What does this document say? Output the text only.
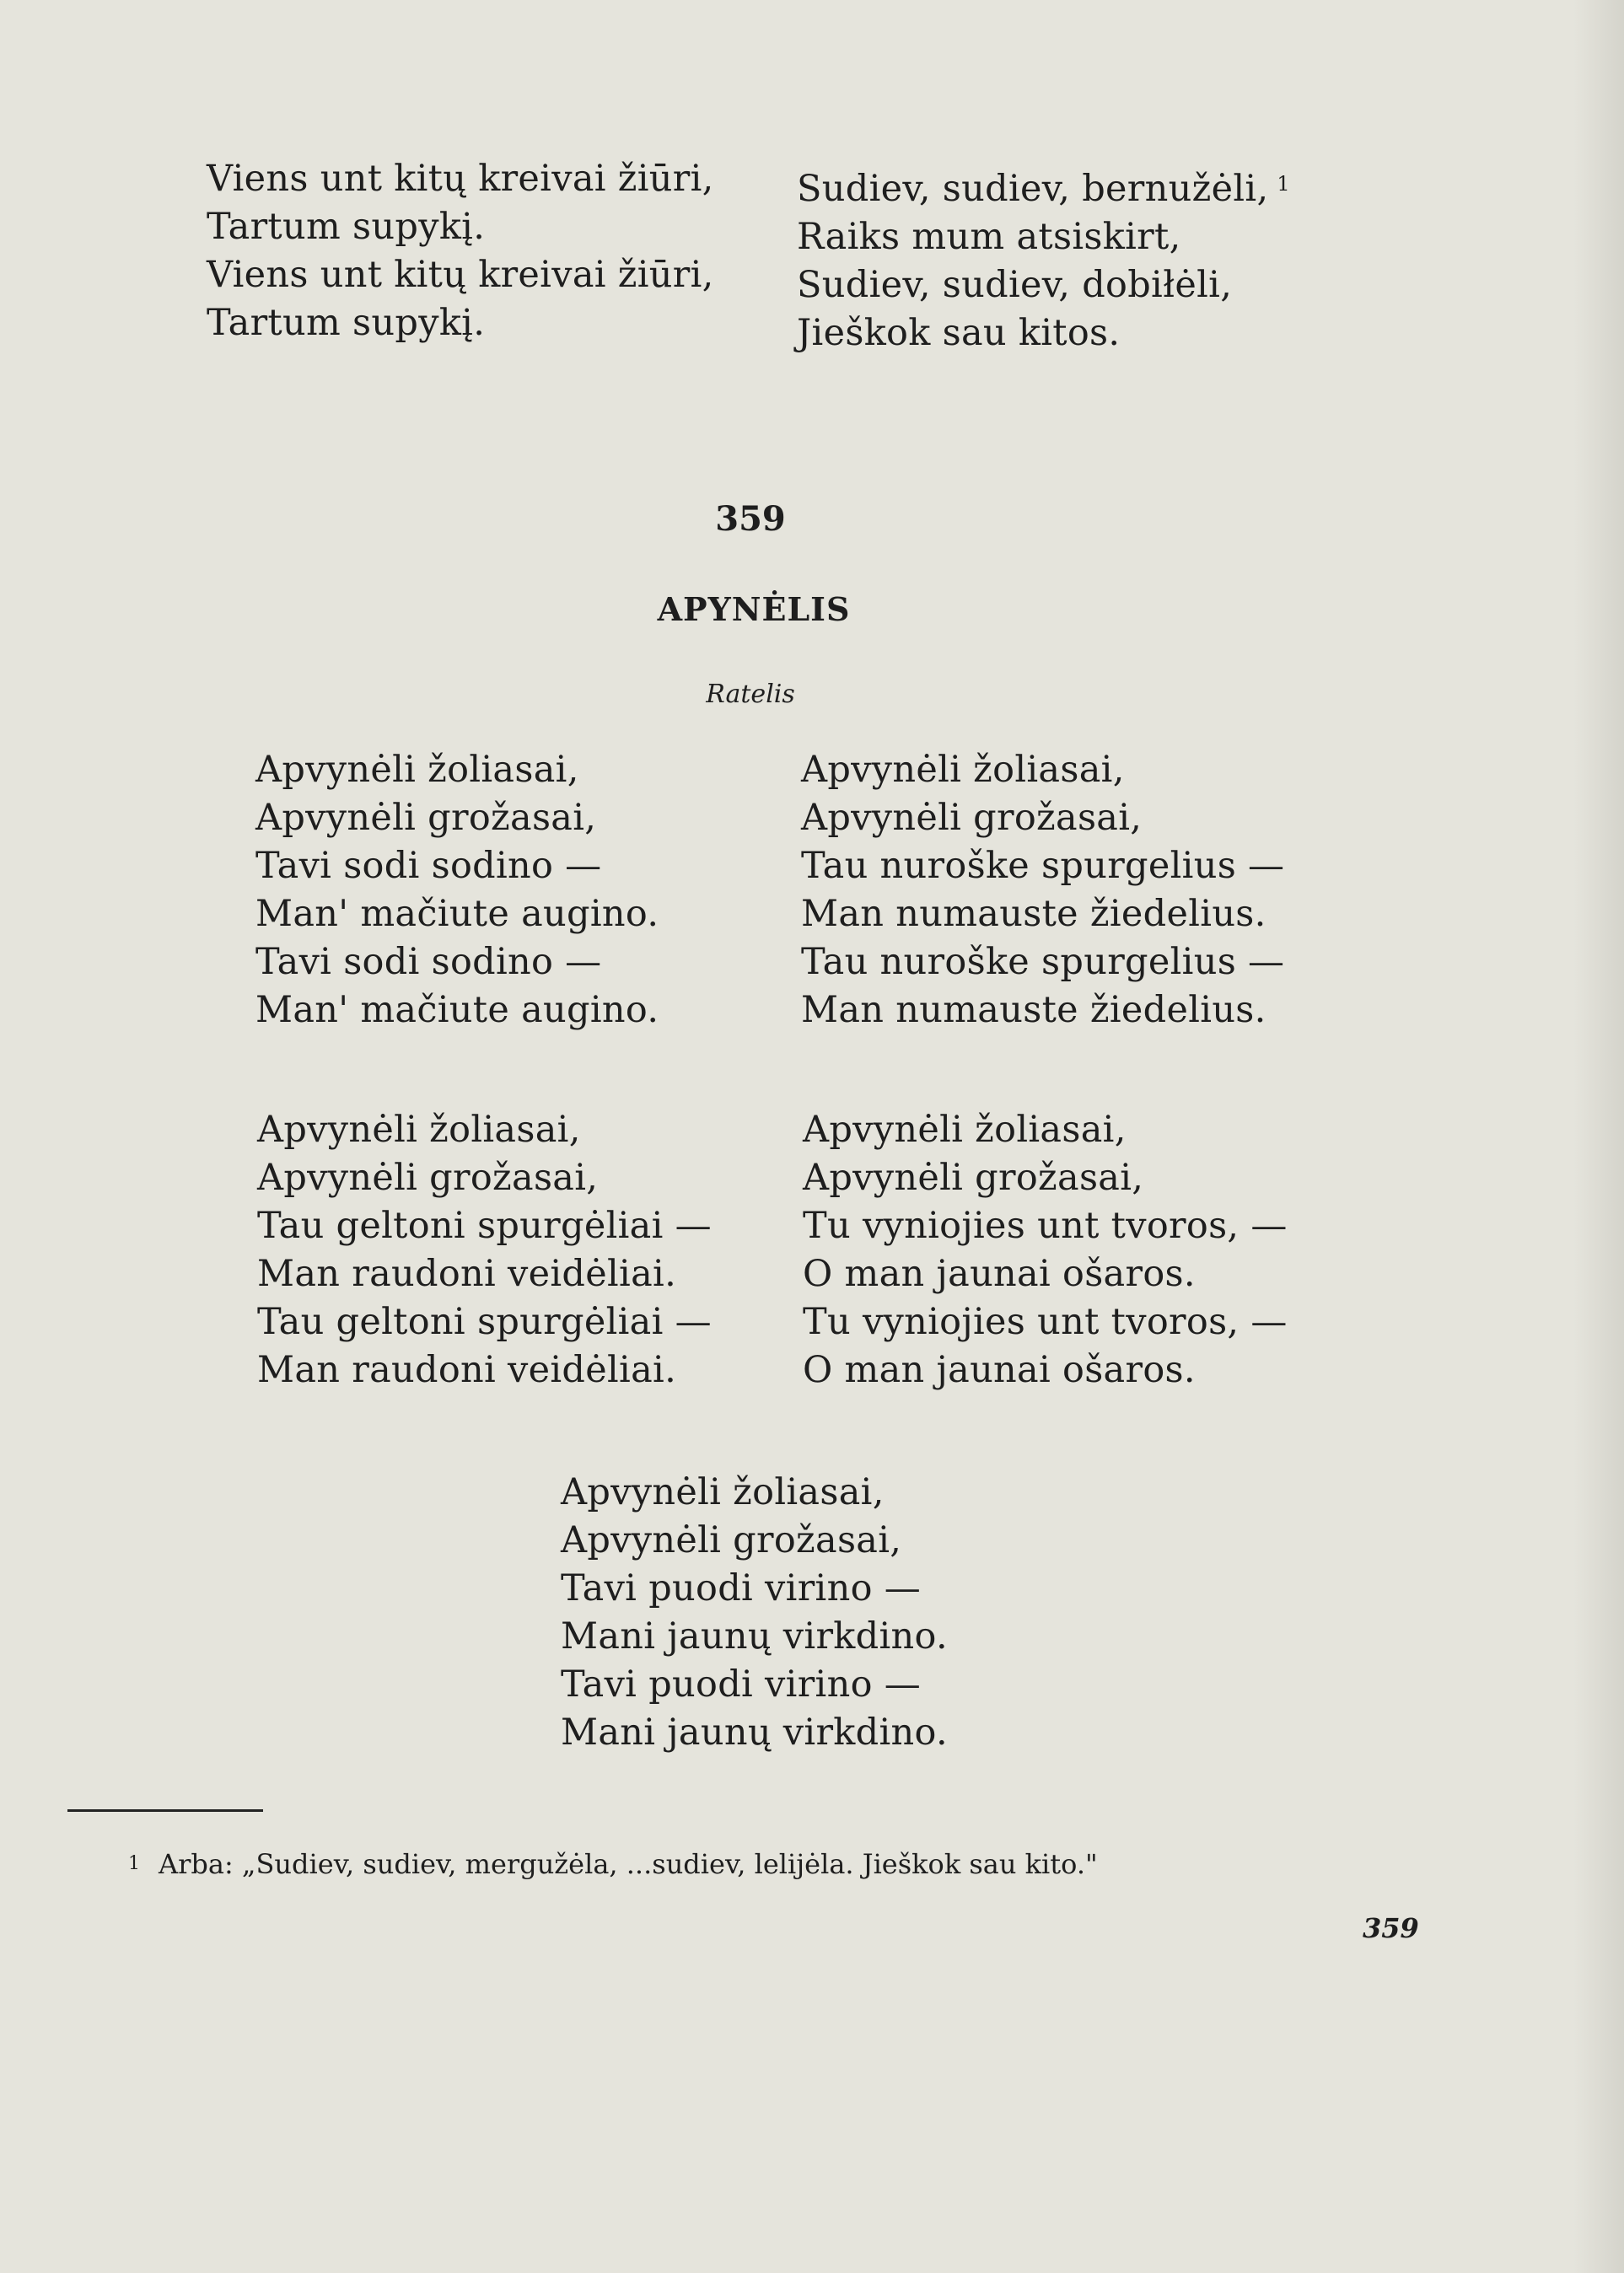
Viens unt kitų kreivai žiūri,
Tartum supykį.
Viens unt kitų kreivai žiūri,
Tartum supykį.
Sudiev, sudiev, bernužėli, $^1$
Raiks mum atsiskirt,
Sudiev, sudiev, dobiłėli,
Jieškok sau kitos.

359

APYNĖLIS

Ratelis

Apvynėli žoliasai,
Apvynėli grožasai,
Tavi sodi sodino —
Man' mačiute augino.
Tavi sodi sodino —
Man' mačiute augino.
Apvynėli žoliasai,
Apvynėli grožasai,
Tau nuroške spurgelius —
Man numauste žiedelius.
Tau nuroške spurgelius —
Man numauste žiedelius.
Apvynėli žoliasai,
Apvynėli grožasai,
Tau geltoni spurgėliai —
Man raudoni veidėliai.
Tau geltoni spurgėliai —
Man raudoni veidėliai.
Apvynėli žoliasai,
Apvynėli grožasai,
Tu vyniojies unt tvoros, —
O man jaunai ošaros.
Tu vyniojies unt tvoros, —
O man jaunai ošaros.
Apvynėli žoliasai,
Apvynėli grožasai,
Tavi puodi virino —
Mani jaunų virkdino.
Tavi puodi virino —
Mani jaunų virkdino.
1 Arba: „Sudiev, sudiev, mergužėla, ...sudiev, lelijėla. Jieškok sau kito."

359
